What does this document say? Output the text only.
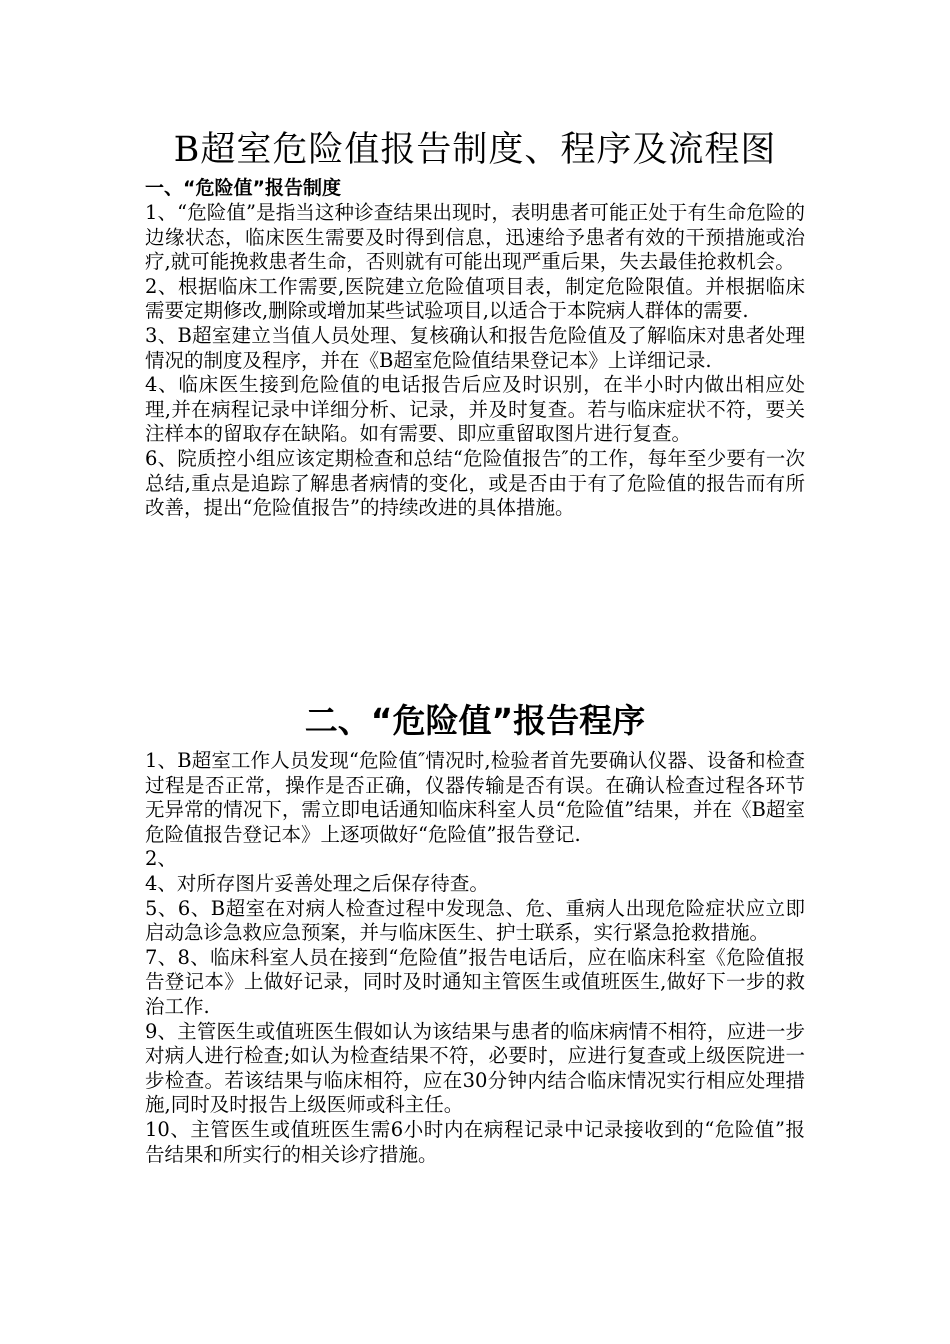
B超室危险值报告制度、程序及流程图
一、“危险值”报告制度

1、“危险值”是指当这种诊查结果出现时，表明患者可能正处于有生命危险的边缘状态，临床医生需要及时得到信息，迅速给予患者有效的干预措施或治疗,就可能挽救患者生命，否则就有可能出现严重后果，失去最佳抢救机会。

2、根据临床工作需要,医院建立危险值项目表，制定危险限值。并根据临床需要定期修改,删除或增加某些试验项目,以适合于本院病人群体的需要.

3、B超室建立当值人员处理、复核确认和报告危险值及了解临床对患者处理情况的制度及程序，并在《B超室危险值结果登记本》上详细记录.

4、临床医生接到危险值的电话报告后应及时识别，在半小时内做出相应处理,并在病程记录中详细分析、记录，并及时复查。若与临床症状不符，要关注样本的留取存在缺陷。如有需要、即应重留取图片进行复查。

6、院质控小组应该定期检查和总结“危险值报告″的工作，每年至少要有一次总结,重点是追踪了解患者病情的变化，或是否由于有了危险值的报告而有所改善，提出“危险值报告”的持续改进的具体措施。

二、“危险值”报告程序

1、B超室工作人员发现“危险值″情况时,检验者首先要确认仪器、设备和检查过程是否正常，操作是否正确，仪器传输是否有误。在确认检查过程各环节无异常的情况下，需立即电话通知临床科室人员“危险值”结果，并在《B超室危险值报告登记本》上逐项做好“危险值”报告登记.

2、

4、对所存图片妥善处理之后保存待查。

5、6、B超室在对病人检查过程中发现急、危、重病人出现危险症状应立即启动急诊急救应急预案，并与临床医生、护士联系，实行紧急抢救措施。

7、8、临床科室人员在接到“危险值”报告电话后，应在临床科室《危险值报告登记本》上做好记录，同时及时通知主管医生或值班医生,做好下一步的救治工作.

9、主管医生或值班医生假如认为该结果与患者的临床病情不相符，应进一步对病人进行检查;如认为检查结果不符，必要时，应进行复查或上级医院进一步检查。若该结果与临床相符，应在30分钟内结合临床情况实行相应处理措施,同时及时报告上级医师或科主任。

10、主管医生或值班医生需6小时内在病程记录中记录接收到的“危险值”报告结果和所实行的相关诊疗措施。
